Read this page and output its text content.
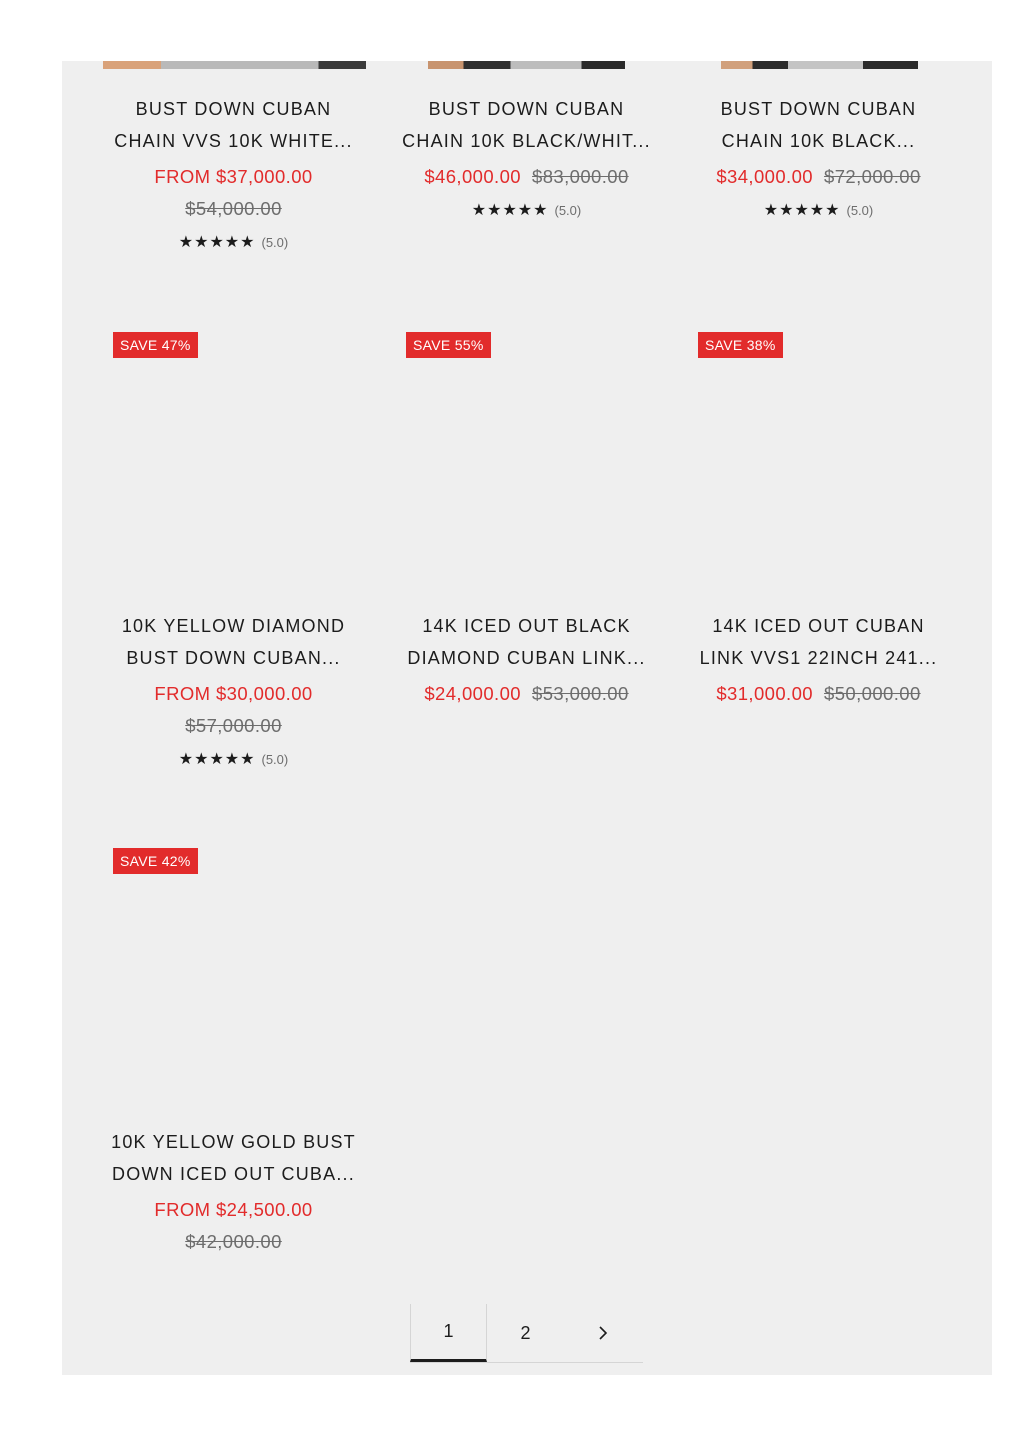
BUST DOWN CUBAN
CHAIN VVS 10K WHITE...
FROM $37,000.00
$54,000.00
★★★★★ (5.0)
BUST DOWN CUBAN
CHAIN 10K BLACK/WHIT...
$46,000.00 $83,000.00
★★★★★ (5.0)
BUST DOWN CUBAN
CHAIN 10K BLACK...
$34,000.00 $72,000.00
★★★★★ (5.0)
SAVE 47%	SAVE 55%	SAVE 38%
10K YELLOW DIAMOND
BUST DOWN CUBAN...
FROM $30,000.00
$57,000.00
★★★★★ (5.0)
14K ICED OUT BLACK
DIAMOND CUBAN LINK...
$24,000.00 $53,000.00
14K ICED OUT CUBAN
LINK VVS1 22INCH 241...
$31,000.00 $50,000.00
SAVE 42%
10K YELLOW GOLD BUST
DOWN ICED OUT CUBA...
FROM $24,500.00
$42,000.00
1	2
